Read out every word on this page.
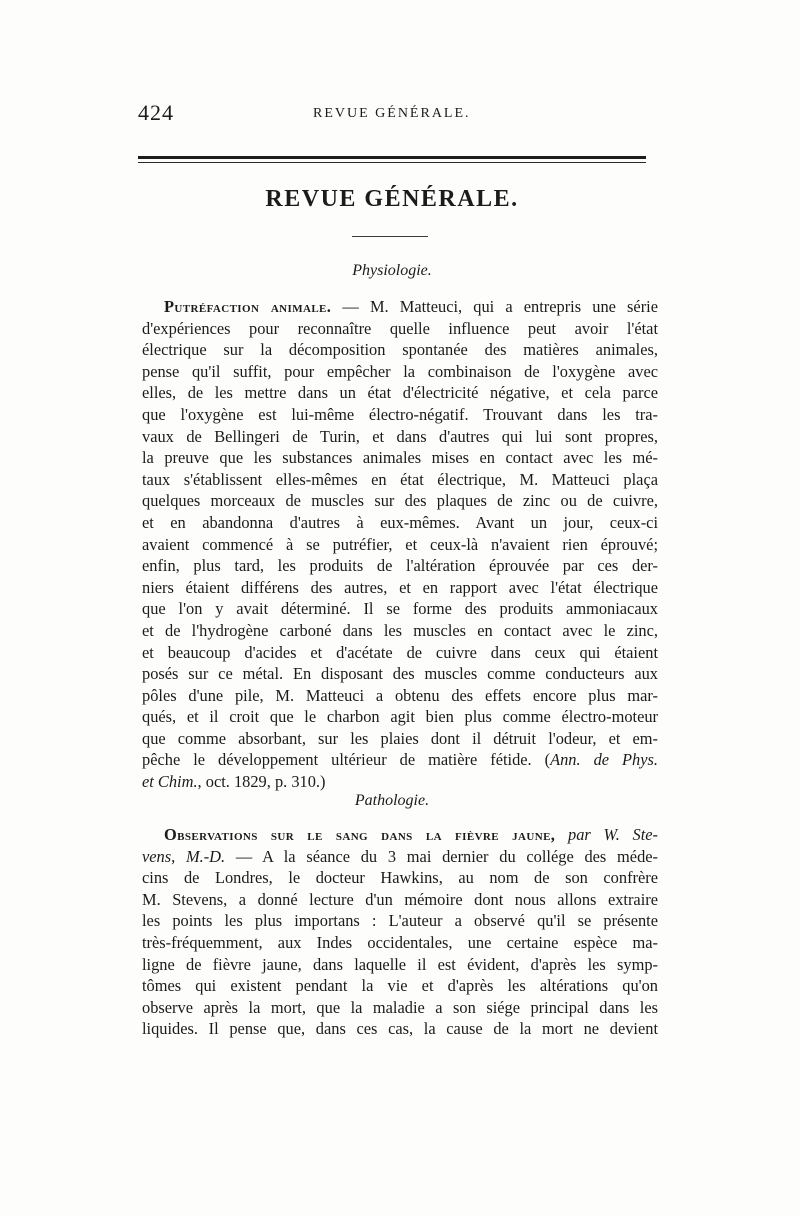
424	REVUE GÉNÉRALE.
REVUE GÉNÉRALE.
Physiologie.
Putréfaction animale. — M. Matteuci, qui a entrepris une série
d'expériences pour reconnaître quelle influence peut avoir l'état
électrique sur la décomposition spontanée des matières animales,
pense qu'il suffit, pour empêcher la combinaison de l'oxygène avec
elles, de les mettre dans un état d'électricité négative, et cela parce
que l'oxygène est lui-même électro-négatif. Trouvant dans les tra-
vaux de Bellingeri de Turin, et dans d'autres qui lui sont propres,
la preuve que les substances animales mises en contact avec les mé-
taux s'établissent elles-mêmes en état électrique, M. Matteuci plaça
quelques morceaux de muscles sur des plaques de zinc ou de cuivre,
et en abandonna d'autres à eux-mêmes. Avant un jour, ceux-ci
avaient commencé à se putréfier, et ceux-là n'avaient rien éprouvé;
enfin, plus tard, les produits de l'altération éprouvée par ces der-
niers étaient différens des autres, et en rapport avec l'état électrique
que l'on y avait déterminé. Il se forme des produits ammoniacaux
et de l'hydrogène carboné dans les muscles en contact avec le zinc,
et beaucoup d'acides et d'acétate de cuivre dans ceux qui étaient
posés sur ce métal. En disposant des muscles comme conducteurs aux
pôles d'une pile, M. Matteuci a obtenu des effets encore plus mar-
qués, et il croit que le charbon agit bien plus comme électro-moteur
que comme absorbant, sur les plaies dont il détruit l'odeur, et em-
pêche le développement ultérieur de matière fétide. (Ann. de Phys.
et Chim., oct. 1829, p. 310.)
Pathologie.
Observations sur le sang dans la fièvre jaune, par W. Ste-
vens, M.-D. — A la séance du 3 mai dernier du collége des méde-
cins de Londres, le docteur Hawkins, au nom de son confrère
M. Stevens, a donné lecture d'un mémoire dont nous allons extraire
les points les plus importans : L'auteur a observé qu'il se présente
très-fréquemment, aux Indes occidentales, une certaine espèce ma-
ligne de fièvre jaune, dans laquelle il est évident, d'après les symp-
tômes qui existent pendant la vie et d'après les altérations qu'on
observe après la mort, que la maladie a son siége principal dans les
liquides. Il pense que, dans ces cas, la cause de la mort ne devient
